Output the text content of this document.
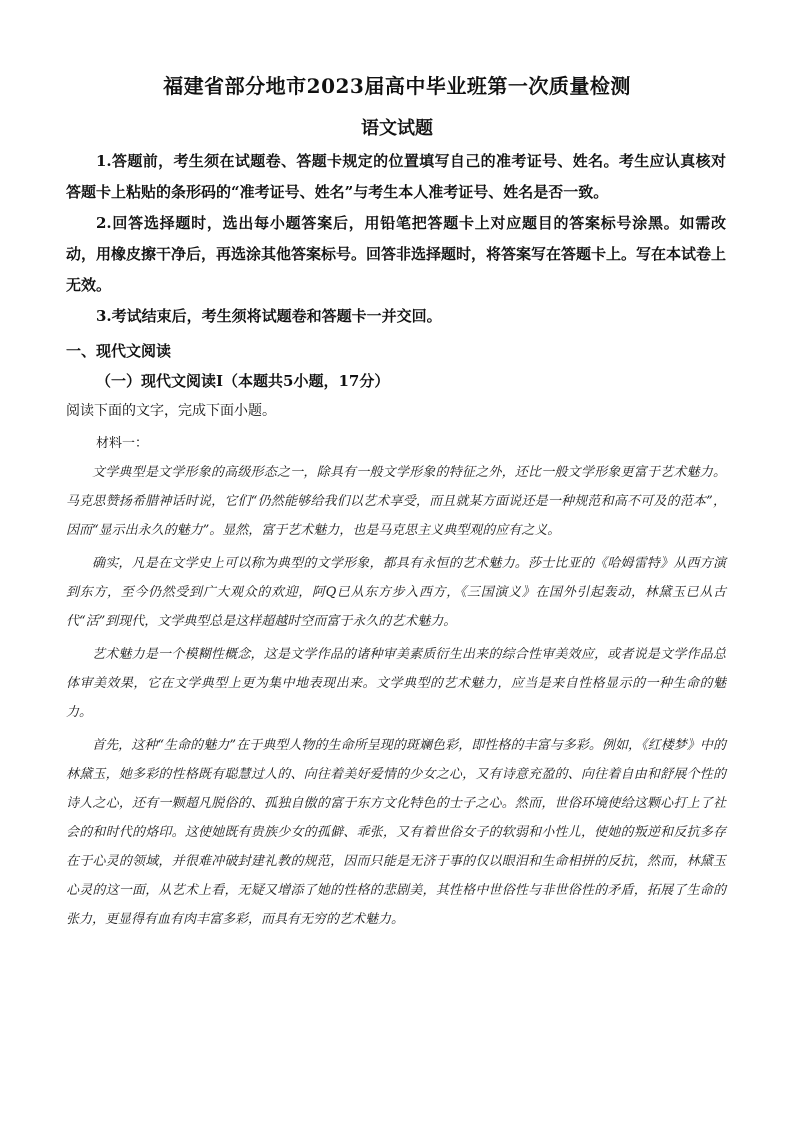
福建省部分地市2023届高中毕业班第一次质量检测
语文试题

1.答题前，考生须在试题卷、答题卡规定的位置填写自己的准考证号、姓名。考生应认真核对答题卡上粘贴的条形码的“准考证号、姓名”与考生本人准考证号、姓名是否一致。

2.回答选择题时，选出每小题答案后，用铅笔把答题卡上对应题目的答案标号涂黑。如需改动，用橡皮擦干净后，再选涂其他答案标号。回答非选择题时，将答案写在答题卡上。写在本试卷上无效。

3.考试结束后，考生须将试题卷和答题卡一并交回。

一、现代文阅读
（一）现代文阅读Ⅰ（本题共5小题，17分）
阅读下面的文字，完成下面小题。
材料一：

文学典型是文学形象的高级形态之一，除具有一般文学形象的特征之外，还比一般文学形象更富于艺术魅力。马克思赞扬希腊神话时说，它们“仍然能够给我们以艺术享受，而且就某方面说还是一种规范和高不可及的范本”，因而“显示出永久的魅力”。显然，富于艺术魅力，也是马克思主义典型观的应有之义。

确实，凡是在文学史上可以称为典型的文学形象，都具有永恒的艺术魅力。莎士比亚的《哈姆雷特》从西方演到东方，至今仍然受到广大观众的欢迎，阿Q已从东方步入西方，《三国演义》在国外引起轰动，林黛玉已从古代“活”到现代，文学典型总是这样超越时空而富于永久的艺术魅力。

艺术魅力是一个模糊性概念，这是文学作品的诸种审美素质衍生出来的综合性审美效应，或者说是文学作品总体审美效果，它在文学典型上更为集中地表现出来。文学典型的艺术魅力，应当是来自性格显示的一种生命的魅力。

首先，这种“生命的魅力”在于典型人物的生命所呈现的斑斓色彩，即性格的丰富与多彩。例如，《红楼梦》中的林黛玉，她多彩的性格既有聪慧过人的、向往着美好爱情的少女之心，又有诗意充盈的、向往着自由和舒展个性的诗人之心，还有一颗超凡脱俗的、孤独自傲的富于东方文化特色的士子之心。然而，世俗环境使给这颗心打上了社会的和时代的烙印。这使她既有贵族少女的孤僻、乖张，又有着世俗女子的软弱和小性儿，使她的叛逆和反抗多存在于心灵的领域，并很难冲破封建礼教的规范，因而只能是无济于事的仅以眼泪和生命相拼的反抗，然而，林黛玉心灵的这一面，从艺术上看，无疑又增添了她的性格的悲剧美，其性格中世俗性与非世俗性的矛盾，拓展了生命的张力，更显得有血有肉丰富多彩，而具有无穷的艺术魅力。
